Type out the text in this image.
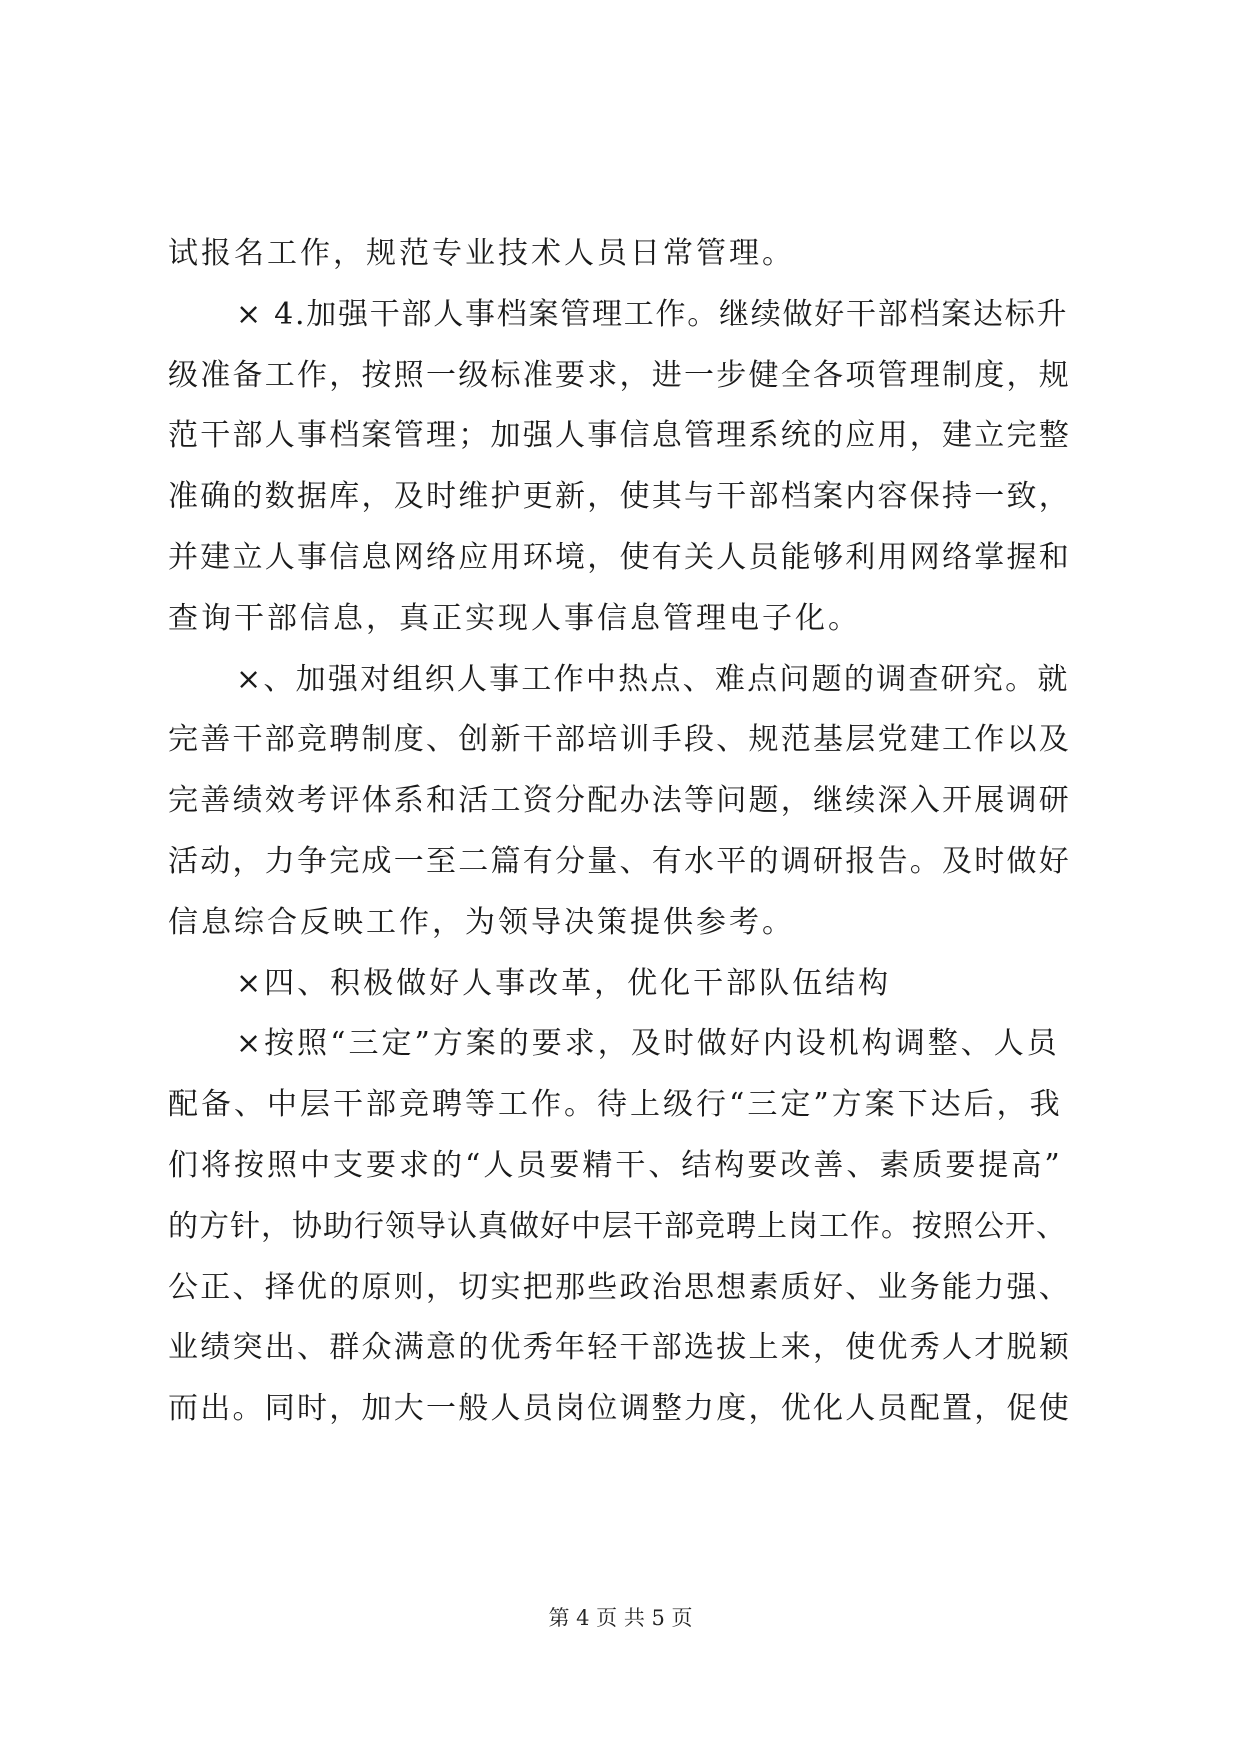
试报名工作，规范专业技术人员日常管理。
× 4.加强干部人事档案管理工作。继续做好干部档案达标升
级准备工作，按照一级标准要求，进一步健全各项管理制度，规
范干部人事档案管理；加强人事信息管理系统的应用，建立完整
准确的数据库，及时维护更新，使其与干部档案内容保持一致，
并建立人事信息网络应用环境，使有关人员能够利用网络掌握和
查询干部信息，真正实现人事信息管理电子化。
×、加强对组织人事工作中热点、难点问题的调查研究。就
完善干部竞聘制度、创新干部培训手段、规范基层党建工作以及
完善绩效考评体系和活工资分配办法等问题，继续深入开展调研
活动，力争完成一至二篇有分量、有水平的调研报告。及时做好
信息综合反映工作，为领导决策提供参考。
×四、积极做好人事改革，优化干部队伍结构
×按照“三定”方案的要求，及时做好内设机构调整、人员
配备、中层干部竞聘等工作。待上级行“三定”方案下达后，我
们将按照中支要求的“人员要精干、结构要改善、素质要提高”
的方针，协助行领导认真做好中层干部竞聘上岗工作。按照公开、
公正、择优的原则，切实把那些政治思想素质好、业务能力强、
业绩突出、群众满意的优秀年轻干部选拔上来，使优秀人才脱颖
而出。同时，加大一般人员岗位调整力度，优化人员配置，促使
第 4 页 共 5 页
